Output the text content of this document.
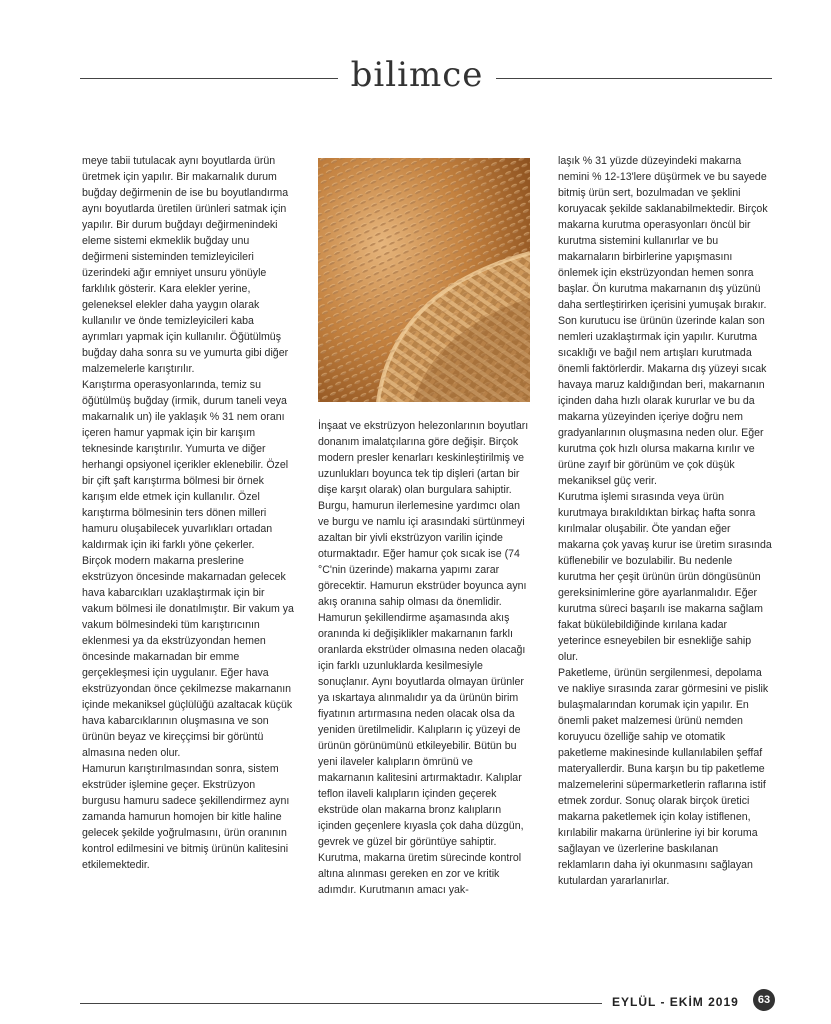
bilimce

meye tabii tutulacak aynı boyutlarda ürün üretmek için yapılır. Bir makarnalık durum buğday değirmenin de ise bu boyutlandırma aynı boyutlarda üretilen ürünleri satmak için yapılır. Bir durum buğdayı değirmenindeki eleme sistemi ekmeklik buğday unu değirmeni sisteminden temizleyicileri üzerindeki ağır emniyet unsuru yönüyle farklılık gösterir. Kara elekler yerine, geleneksel elekler daha yaygın olarak kullanılır ve önde temizleyicileri kaba ayrımları yapmak için kullanılır. Öğütülmüş buğday daha sonra su ve yumurta gibi diğer malzemelerle karıştırılır.

Karıştırma operasyonlarında, temiz su öğütülmüş buğday (irmik, durum taneli veya makarnalık un) ile yaklaşık % 31 nem oranı içeren hamur yapmak için bir karışım teknesinde karıştırılır. Yumurta ve diğer herhangi opsiyonel içerikler eklenebilir. Özel bir çift şaft karıştırma bölmesi bir örnek karışım elde etmek için kullanılır. Özel karıştırma bölmesinin ters dönen milleri hamuru oluşabilecek yuvarlıkları ortadan kaldırmak için iki farklı yöne çekerler.

Birçok modern makarna preslerine ekstrüzyon öncesinde makarnadan gelecek hava kabarcıkları uzaklaştırmak için bir vakum bölmesi ile donatılmıştır. Bir vakum ya vakum bölmesindeki tüm karıştırıcının eklenmesi ya da ekstrüzyondan hemen öncesinde makarnadan bir emme gerçekleşmesi için uygulanır. Eğer hava ekstrüzyondan önce çekilmezse makarnanın içinde mekaniksel güçlülüğü azaltacak küçük hava kabarcıklarının oluşmasına ve son ürünün beyaz ve kireççimsi bir görüntü almasına neden olur.

Hamurun karıştırılmasından sonra, sistem ekstrüder işlemine geçer. Ekstrüzyon burgusu hamuru sadece şekillendirmez aynı zamanda hamurun homojen bir kitle haline gelecek şekilde yoğrulmasını, ürün oranının kontrol edilmesini ve bitmiş ürünün kalitesini etkilemektedir.

İnşaat ve ekstrüzyon helezonlarının boyutları donanım imalatçılarına göre değişir. Birçok modern presler kenarları keskinleştirilmiş ve uzunlukları boyunca tek tip dişleri (artan bir dişe karşıt olarak) olan burgulara sahiptir. Burgu, hamurun ilerlemesine yardımcı olan ve burgu ve namlu içi arasındaki sürtünmeyi azaltan bir yivli ekstrüzyon varilin içinde oturmaktadır. Eğer hamur çok sıcak ise (74 °C'nin üzerinde) makarna yapımı zarar görecektir. Hamurun ekstrüder boyunca aynı akış oranına sahip olması da önemlidir. Hamurun şekillendirme aşamasında akış oranında ki değişiklikler makarnanın farklı oranlarda ekstrüder olmasına neden olacağı için farklı uzunluklarda kesilmesiyle sonuçlanır. Aynı boyutlarda olmayan ürünler ya ıskartaya alınmalıdır ya da ürünün birim fiyatının artırmasına neden olacak olsa da yeniden üretilmelidir. Kalıpların iç yüzeyi de ürünün görünümünü etkileyebilir. Bütün bu yeni ilaveler kalıpların ömrünü ve makarnanın kalitesini artırmaktadır. Kalıplar teflon ilaveli kalıpların içinden geçerek ekstrüde olan makarna bronz kalıpların içinden geçenlere kıyasla çok daha düzgün, gevrek ve güzel bir görüntüye sahiptir.

Kurutma, makarna üretim sürecinde kontrol altına alınması gereken en zor ve kritik adımdır. Kurutmanın amacı yak-

laşık % 31 yüzde düzeyindeki makarna nemini % 12-13'lere düşürmek ve bu sayede bitmiş ürün sert, bozulmadan ve şeklini koruyacak şekilde saklanabilmektedir. Birçok makarna kurutma operasyonları öncül bir kurutma sistemini kullanırlar ve bu makarnaların birbirlerine yapışmasını önlemek için ekstrüzyondan hemen sonra başlar. Ön kurutma makarnanın dış yüzünü daha sertleştirirken içerisini yumuşak bırakır.

Son kurutucu ise ürünün üzerinde kalan son nemleri uzaklaştırmak için yapılır. Kurutma sıcaklığı ve bağıl nem artışları kurutmada önemli faktörlerdir. Makarna dış yüzeyi sıcak havaya maruz kaldığından beri, makarnanın içinden daha hızlı olarak kururlar ve bu da makarna yüzeyinden içeriye doğru nem gradyanlarının oluşmasına neden olur. Eğer kurutma çok hızlı olursa makarna kırılır ve ürüne zayıf bir görünüm ve çok düşük mekaniksel güç verir.

Kurutma işlemi sırasında veya ürün kurutmaya bırakıldıktan birkaç hafta sonra kırılmalar oluşabilir. Öte yandan eğer makarna çok yavaş kurur ise üretim sırasında küflenebilir ve bozulabilir. Bu nedenle kurutma her çeşit ürünün ürün döngüsünün gereksinimlerine göre ayarlanmalıdır. Eğer kurutma süreci başarılı ise makarna sağlam fakat bükülebildiğinde kırılana kadar yeterince esneyebilen bir esnekliğe sahip olur.

Paketleme, ürünün sergilenmesi, depolama ve nakliye sırasında zarar görmesini ve pislik bulaşmalarından korumak için yapılır. En önemli paket malzemesi ürünü nemden koruyucu özelliğe sahip ve otomatik paketleme makinesinde kullanılabilen şeffaf materyallerdir. Buna karşın bu tip paketleme malzemelerini süpermarketlerin raflarına istif etmek zordur. Sonuç olarak birçok üretici makarna paketlemek için kolay istiflenen, kırılabilir makarna ürünlerine iyi bir koruma sağlayan ve üzerlerine baskılanan reklamların daha iyi okunmasını sağlayan kutulardan yararlanırlar.

EYLÜL - EKİM 2019	63
